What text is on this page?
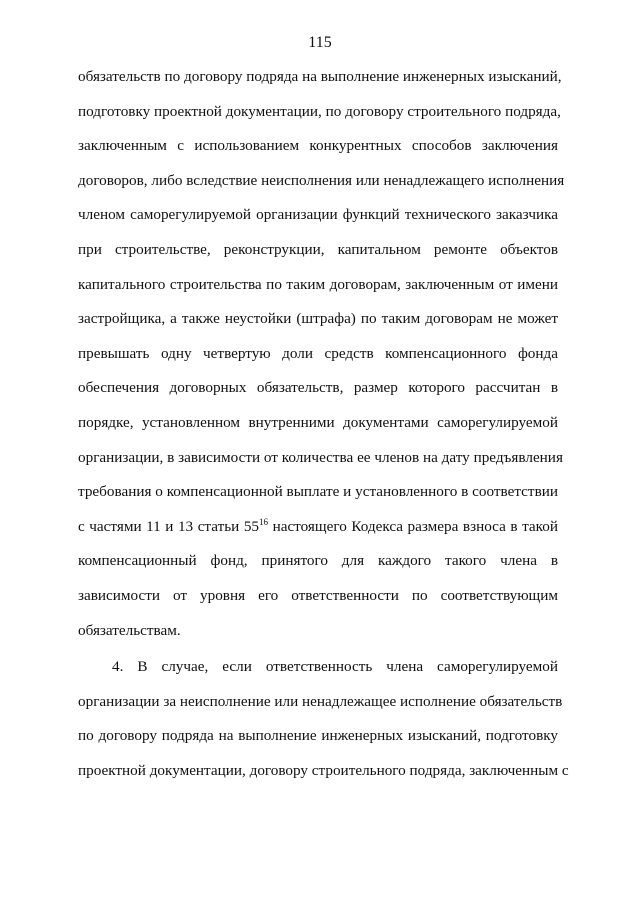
115
обязательств по договору подряда на выполнение инженерных изысканий,
подготовку проектной документации, по договору строительного подряда,
заключенным с использованием конкурентных способов заключения
договоров, либо вследствие неисполнения или ненадлежащего исполнения
членом саморегулируемой организации функций технического заказчика
при строительстве, реконструкции, капитальном ремонте объектов
капитального строительства по таким договорам, заключенным от имени
застройщика, а также неустойки (штрафа) по таким договорам не может
превышать одну четвертую доли средств компенсационного фонда
обеспечения договорных обязательств, размер которого рассчитан в
порядке, установленном внутренними документами саморегулируемой
организации, в зависимости от количества ее членов на дату предъявления
требования о компенсационной выплате и установленного в соответствии
с частями 11 и 13 статьи $55^{16}$ настоящего Кодекса размера взноса в такой
компенсационный фонд, принятого для каждого такого члена в
зависимости от уровня его ответственности по соответствующим
обязательствам.
4. В случае, если ответственность члена саморегулируемой
организации за неисполнение или ненадлежащее исполнение обязательств
по договору подряда на выполнение инженерных изысканий, подготовку
проектной документации, договору строительного подряда, заключенным с
